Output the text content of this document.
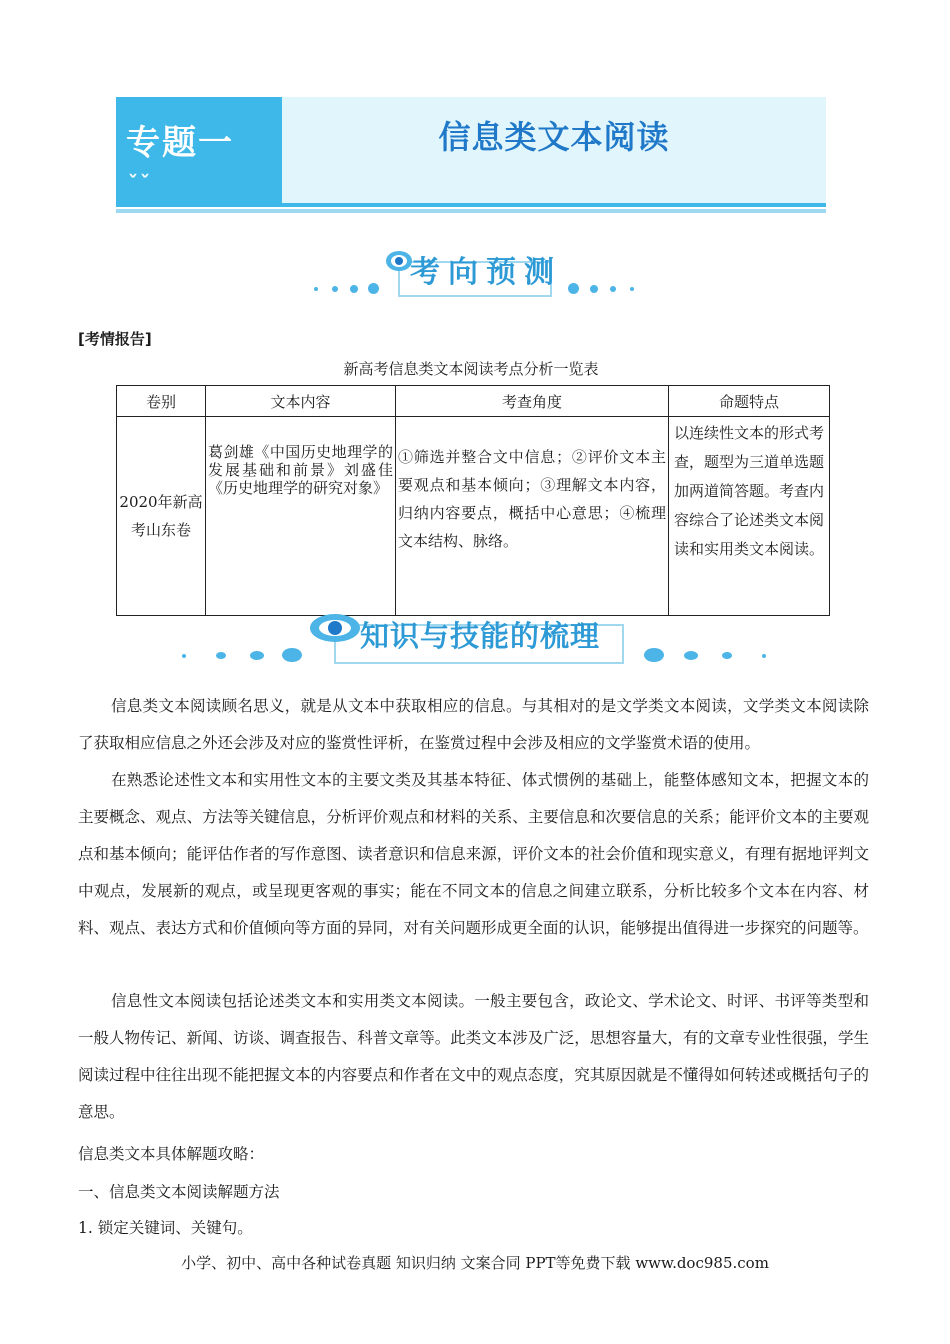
专题一
ˇˇ
信息类文本阅读
考向预测
[考情报告]
新高考信息类文本阅读考点分析一览表
卷别	文本内容	考查角度	命题特点
2020年新高考山东卷	葛剑雄《中国历史地理学的发展基础和前景》刘盛佳《历史地理学的研究对象》	①筛选并整合文中信息；②评价文本主要观点和基本倾向；③理解文本内容，归纳内容要点，概括中心意思；④梳理文本结构、脉络。	以连续性文本的形式考查，题型为三道单选题加两道简答题。考查内容综合了论述类文本阅读和实用类文本阅读。
知识与技能的梳理
信息类文本阅读顾名思义，就是从文本中获取相应的信息。与其相对的是文学类文本阅读，文学类文本阅读除了获取相应信息之外还会涉及对应的鉴赏性评析，在鉴赏过程中会涉及相应的文学鉴赏术语的使用。
在熟悉论述性文本和实用性文本的主要文类及其基本特征、体式惯例的基础上，能整体感知文本，把握文本的主要概念、观点、方法等关键信息，分析评价观点和材料的关系、主要信息和次要信息的关系；能评价文本的主要观点和基本倾向；能评估作者的写作意图、读者意识和信息来源，评价文本的社会价值和现实意义，有理有据地评判文中观点，发展新的观点，或呈现更客观的事实；能在不同文本的信息之间建立联系，分析比较多个文本在内容、材料、观点、表达方式和价值倾向等方面的异同，对有关问题形成更全面的认识，能够提出值得进一步探究的问题等。
信息性文本阅读包括论述类文本和实用类文本阅读。一般主要包含，政论文、学术论文、时评、书评等类型和一般人物传记、新闻、访谈、调查报告、科普文章等。此类文本涉及广泛，思想容量大，有的文章专业性很强，学生阅读过程中往往出现不能把握文本的内容要点和作者在文中的观点态度，究其原因就是不懂得如何转述或概括句子的意思。
信息类文本具体解题攻略：
一、信息类文本阅读解题方法
1. 锁定关键词、关键句。
小学、初中、高中各种试卷真题 知识归纳 文案合同 PPT等免费下载 www.doc985.com
